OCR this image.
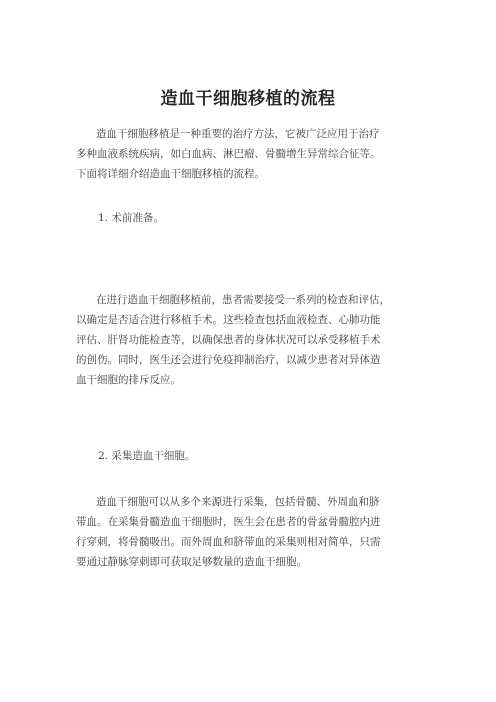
造血干细胞移植的流程
造血干细胞移植是一种重要的治疗方法，它被广泛应用于治疗
多种血液系统疾病，如白血病、淋巴瘤、骨髓增生异常综合征等。
下面将详细介绍造血干细胞移植的流程。
1. 术前准备。
在进行造血干细胞移植前，患者需要接受一系列的检查和评估，
以确定是否适合进行移植手术。这些检查包括血液检查、心肺功能
评估、肝肾功能检查等，以确保患者的身体状况可以承受移植手术
的创伤。同时，医生还会进行免疫抑制治疗，以减少患者对异体造
血干细胞的排斥反应。
2. 采集造血干细胞。
造血干细胞可以从多个来源进行采集，包括骨髓、外周血和脐
带血。在采集骨髓造血干细胞时，医生会在患者的骨盆骨髓腔内进
行穿刺，将骨髓吸出。而外周血和脐带血的采集则相对简单，只需
要通过静脉穿刺即可获取足够数量的造血干细胞。
